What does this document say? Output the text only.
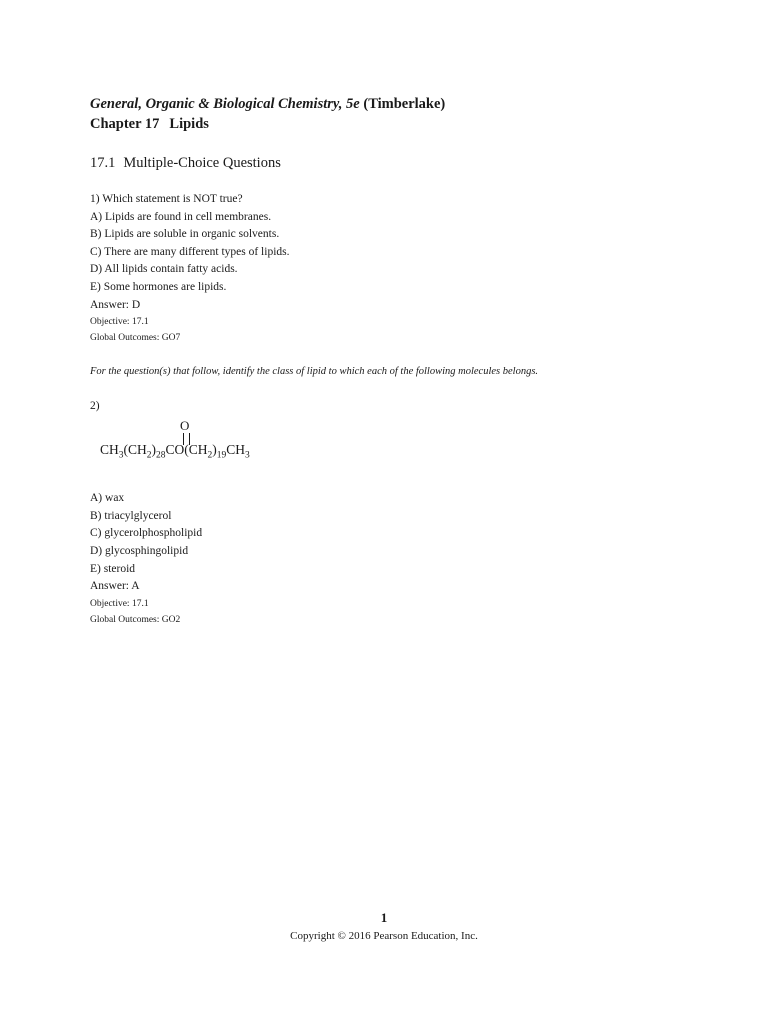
General, Organic & Biological Chemistry, 5e (Timberlake)

Chapter 17 Lipids

17.1 Multiple-Choice Questions

1) Which statement is NOT true?

A) Lipids are found in cell membranes.

B) Lipids are soluble in organic solvents.

C) There are many different types of lipids.

D) All lipids contain fatty acids.

E) Some hormones are lipids.

Answer: D

Objective: 17.1

Global Outcomes: GO7

For the question(s) that follow, identify the class of lipid to which each of the following molecules belongs.

2)

O
$CH_3(CH_2)_{28}CO(CH_2)_{19}CH_3$

A) wax

B) triacylglycerol

C) glycerolphospholipid

D) glycosphingolipid

E) steroid

Answer: A

Objective: 17.1

Global Outcomes: GO2

1
Copyright © 2016 Pearson Education, Inc.
